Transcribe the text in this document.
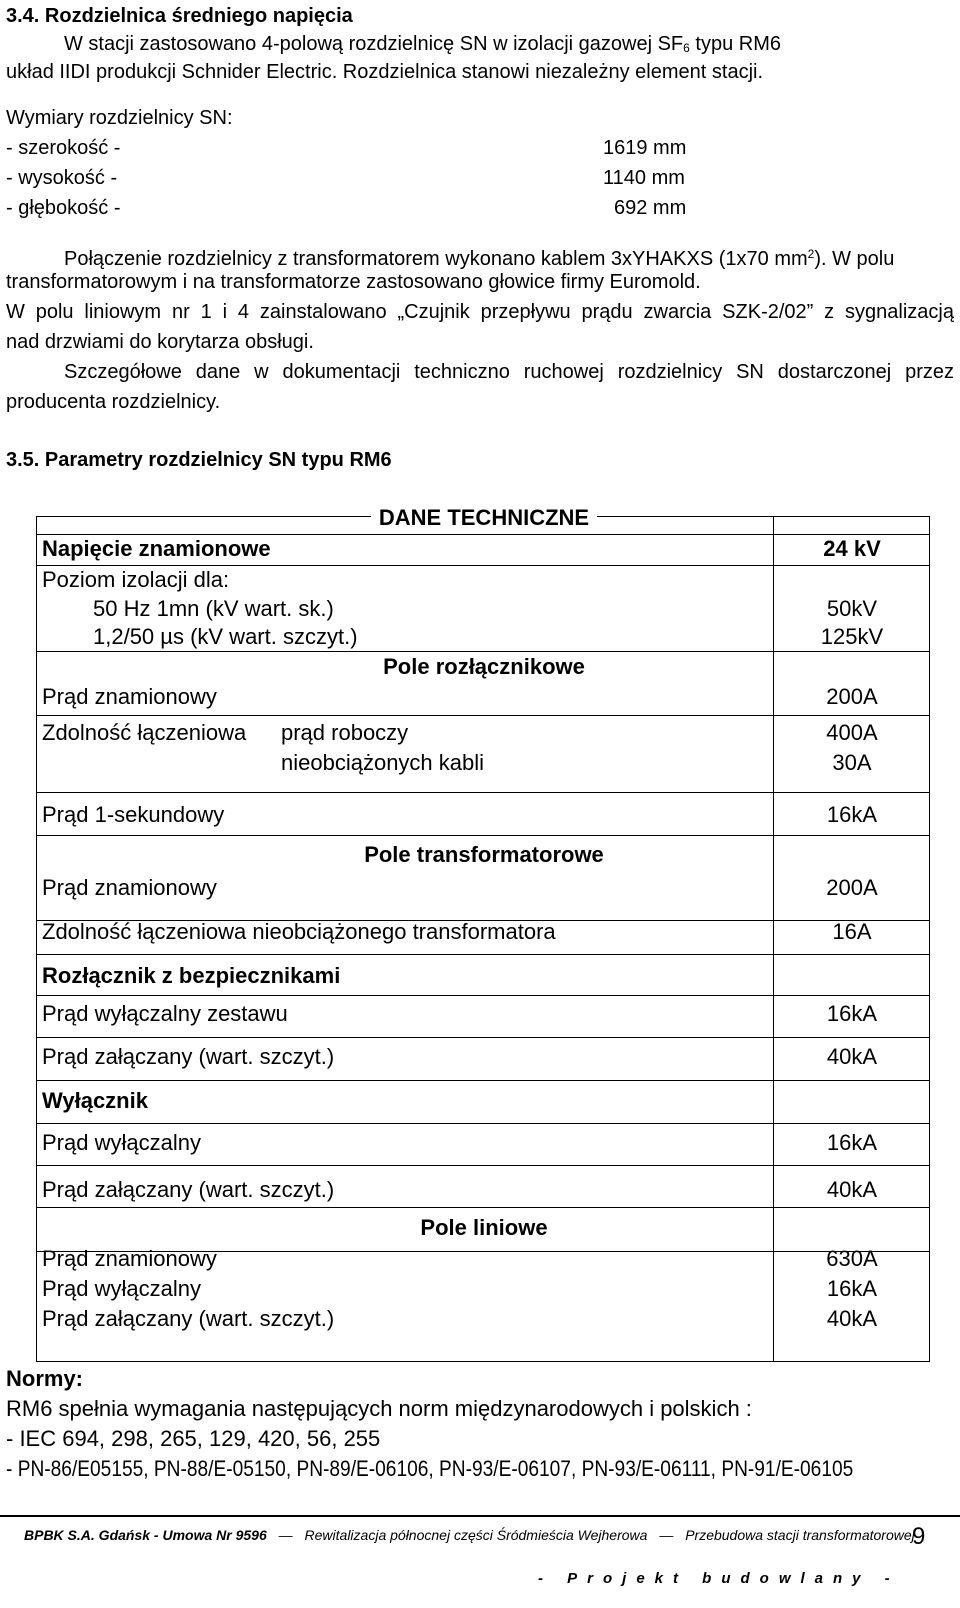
3.4. Rozdzielnica średniego napięcia
W stacji zastosowano 4-polową rozdzielnicę SN w izolacji gazowej $SF_6$ typu RM6
układ IIDI produkcji Schnider Electric. Rozdzielnica stanowi niezależny element stacji.
Wymiary rozdzielnicy SN:
- szerokość -	1619 mm
- wysokość -	1140 mm
- głębokość -	692 mm
Połączenie rozdzielnicy z transformatorem wykonano kablem 3xYHAKXS (1x70 $mm^2$). W polu
transformatorowym i na transformatorze zastosowano głowice firmy Euromold.
W polu liniowym nr 1 i 4 zainstalowano „Czujnik przepływu prądu zwarcia SZK-2/02” z sygnalizacją
nad drzwiami do korytarza obsługi.
Szczegółowe dane w dokumentacji techniczno ruchowej rozdzielnicy SN dostarczonej przez
producenta rozdzielnicy.
3.5. Parametry rozdzielnicy SN typu RM6
DANE TECHNICZNE
Napięcie znamionowe	24 kV
Poziom izolacji dla:
50 Hz 1mn (kV wart. sk.)	50kV
1,2/50 µs (kV wart. szczyt.)	125kV
Pole rozłącznikowe
Prąd znamionowy	200A
Zdolność łączeniowa prąd roboczy	400A
nieobciążonych kabli	30A
Prąd 1-sekundowy	16kA
Pole transformatorowe
Prąd znamionowy	200A
Zdolność łączeniowa nieobciążonego transformatora	16A
Rozłącznik z bezpiecznikami
Prąd wyłączalny zestawu	16kA
Prąd załączany (wart. szczyt.)	40kA
Wyłącznik
Prąd wyłączalny	16kA
Prąd załączany (wart. szczyt.)	40kA
Pole liniowe
Prąd znamionowy	630A
Prąd wyłączalny	16kA
Prąd załączany (wart. szczyt.)	40kA
Normy:
RM6 spełnia wymagania następujących norm międzynarodowych i polskich :
- IEC 694, 298, 265, 129, 420, 56, 255
- PN-86/E05155, PN-88/E-05150, PN-89/E-06106, PN-93/E-06107, PN-93/E-06111, PN-91/E-06105
BPBK S.A. Gdańsk - Umowa Nr 9596 — Rewitalizacja północnej części Śródmieścia Wejherowa — Przebudowa stacji transformatorowej
- Projekt budowlany -
9
